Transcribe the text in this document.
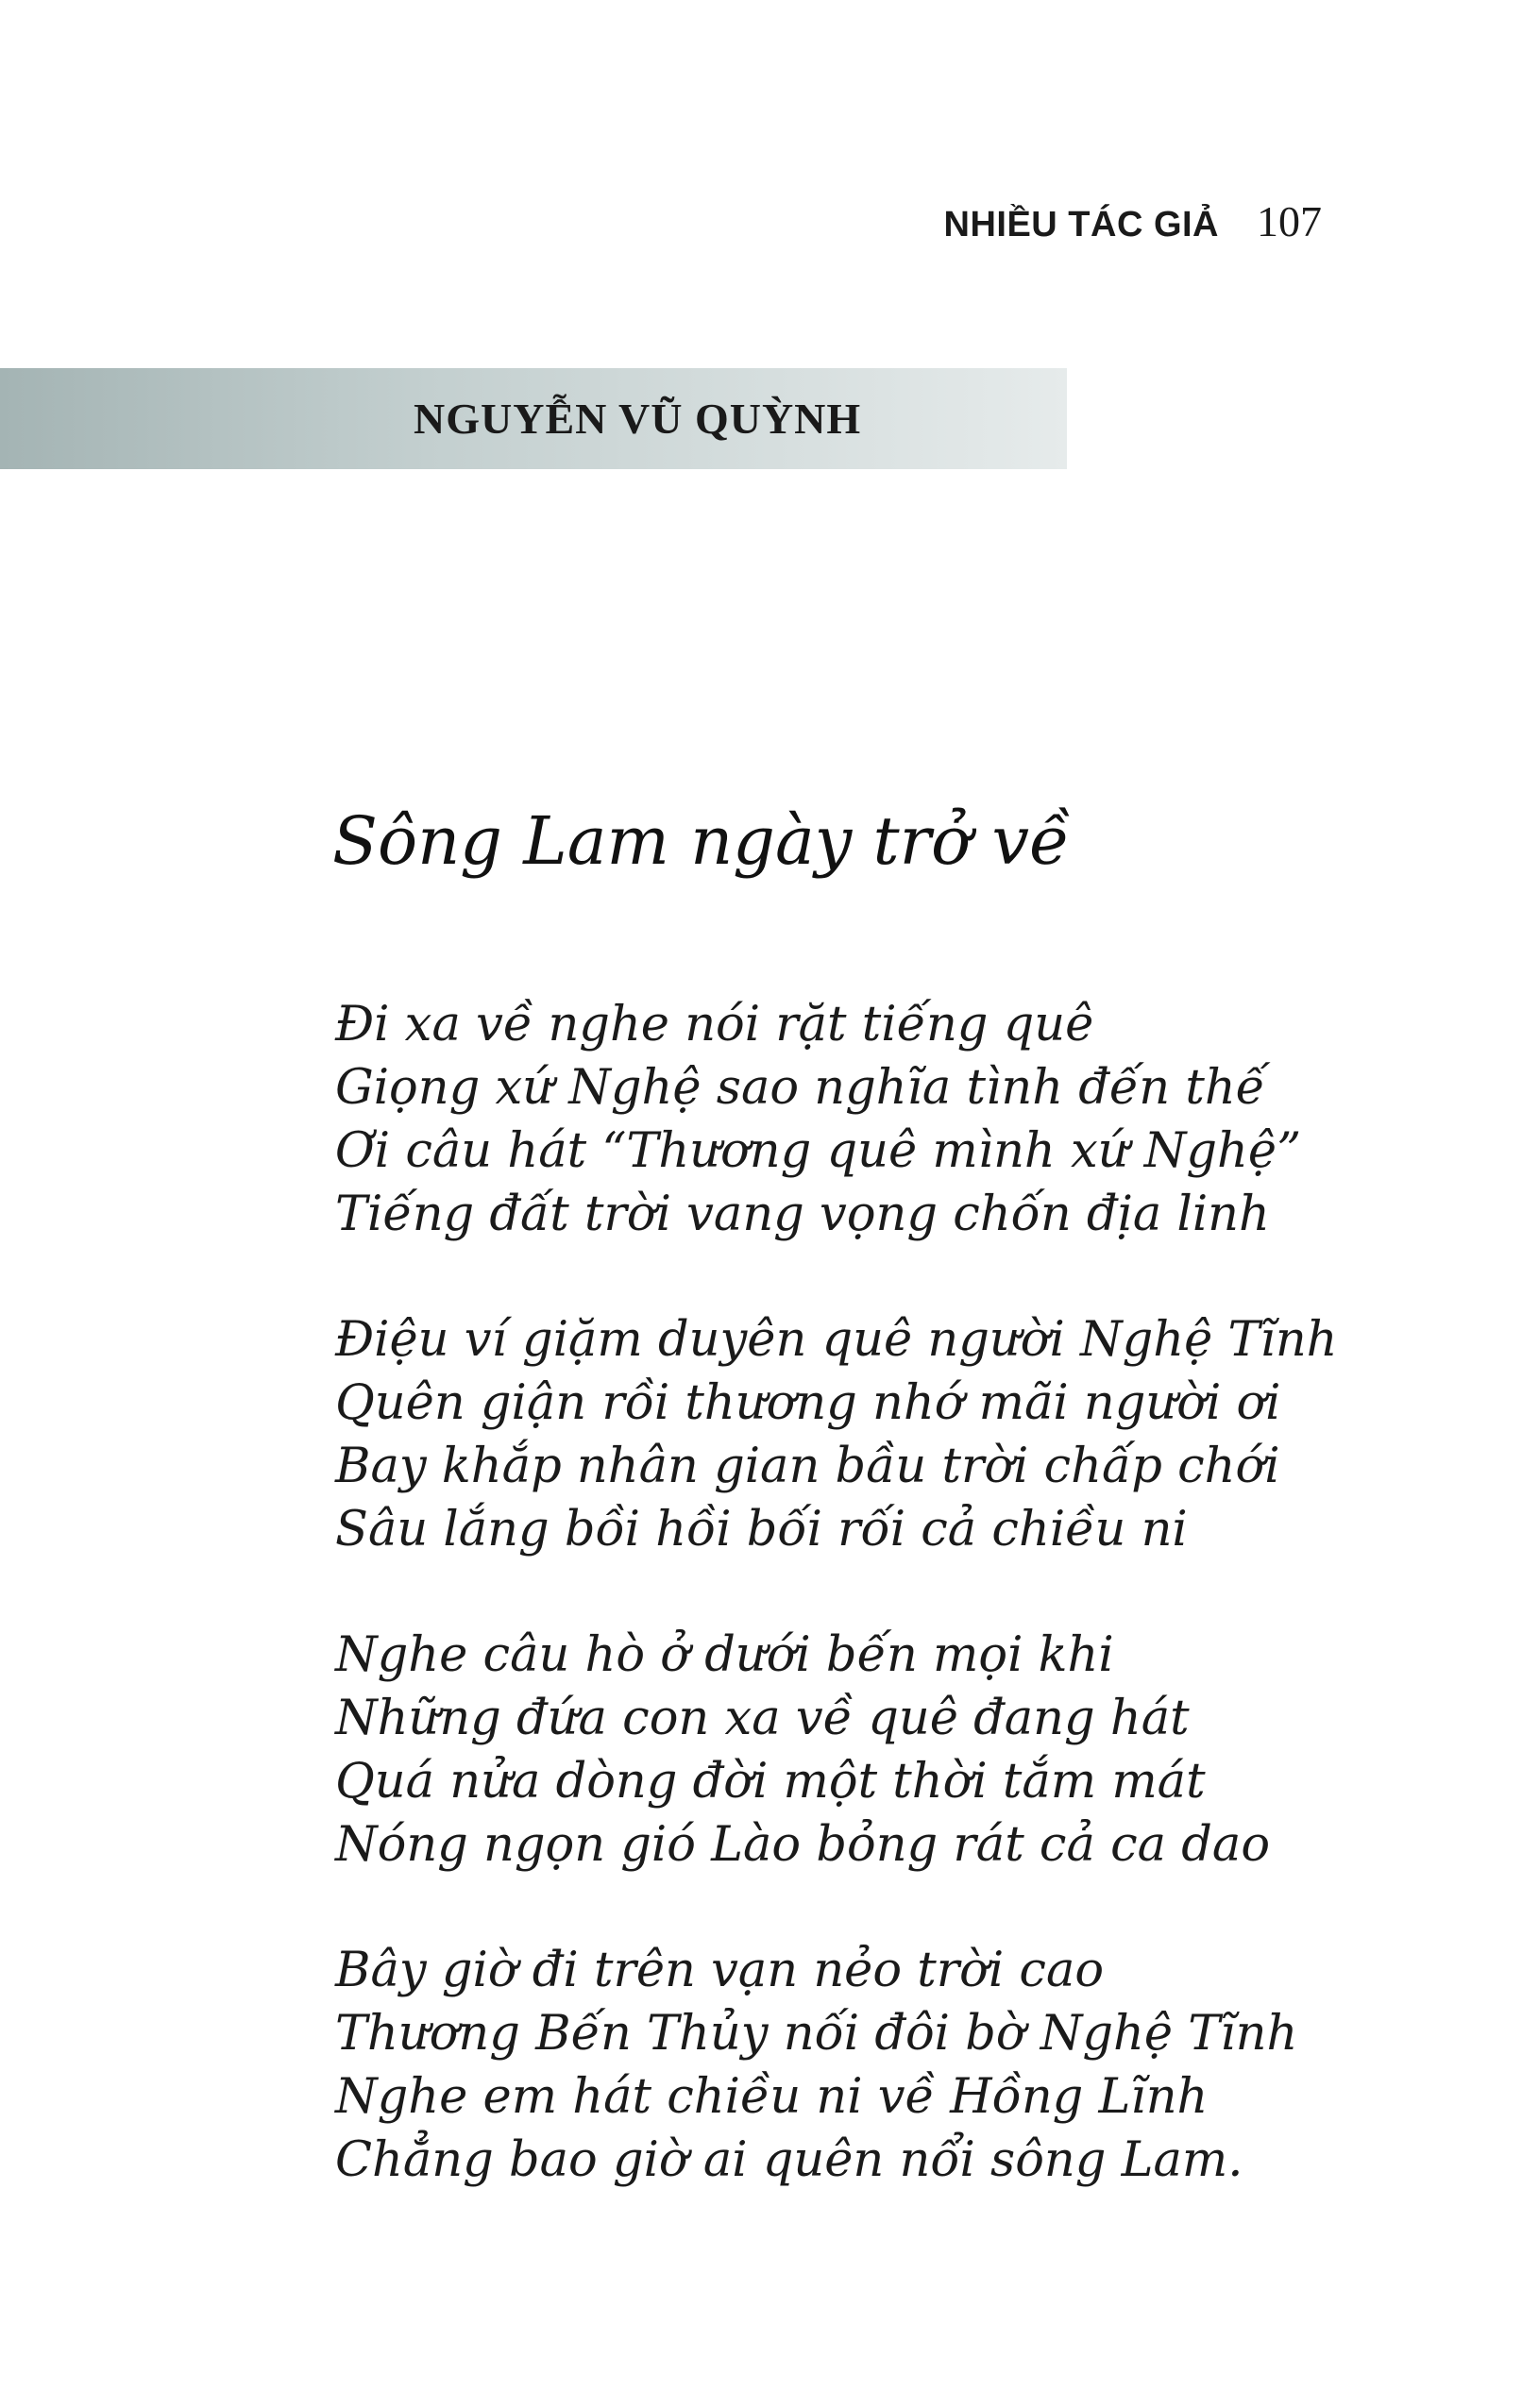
NHIỀU TÁC GIẢ 107
NGUYỄN VŨ QUỲNH
Sông Lam ngày trở về
Đi xa về nghe nói rặt tiếng quê
Giọng xứ Nghệ sao nghĩa tình đến thế
Ơi câu hát “Thương quê mình xứ Nghệ”
Tiếng đất trời vang vọng chốn địa linh
Điệu ví giặm duyên quê người Nghệ Tĩnh
Quên giận rồi thương nhớ mãi người ơi
Bay khắp nhân gian bầu trời chấp chới
Sâu lắng bồi hồi bối rối cả chiều ni
Nghe câu hò ở dưới bến mọi khi
Những đứa con xa về quê đang hát
Quá nửa dòng đời một thời tắm mát
Nóng ngọn gió Lào bỏng rát cả ca dao
Bây giờ đi trên vạn nẻo trời cao
Thương Bến Thủy nối đôi bờ Nghệ Tĩnh
Nghe em hát chiều ni về Hồng Lĩnh
Chẳng bao giờ ai quên nổi sông Lam.
